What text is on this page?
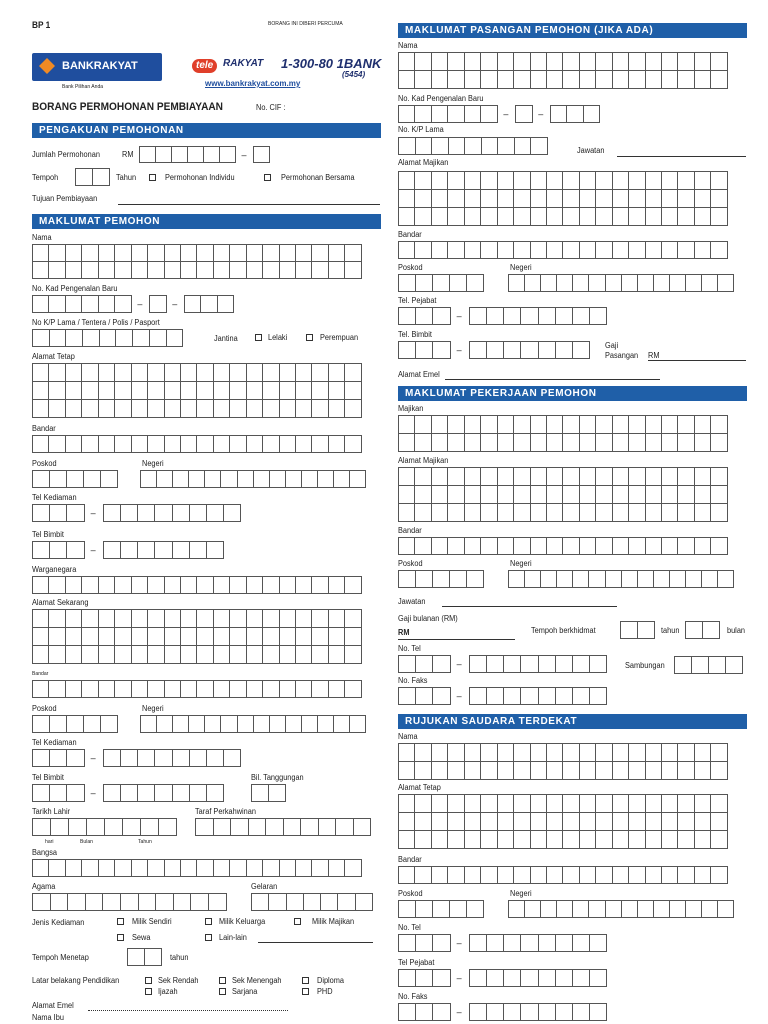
BP 1	BORANG INI DIBERI PERCUMA
BANKRAKYAT
Bank Pilihan Anda
tele RAKYAT 1-300-80 1BANK
(5454)
www.bankrakyat.com.my
BORANG PERMOHONAN PEMBIAYAAN	No. CIF :
PENGAKUAN PEMOHONAN
Jumlah Permohonan	RM	–
Tempoh	Tahun	Permohonan Individu	Permohonan Bersama
Tujuan Pembiayaan
MAKLUMAT PEMOHON
Nama
No. Kad Pengenalan Baru
–	–
No K/P Lama / Tentera / Polis / Pasport
Jantina	Lelaki	Perempuan
Alamat Tetap
Bandar
Poskod	Negeri
Tel Kediaman
–
Tel Bimbit
–
Warganegara
Alamat Sekarang
Bandar
Poskod	Negeri
Tel Kediaman
–
Tel Bimbit
–
Bil. Tanggungan
Tarikh Lahir
hari	Bulan	Tahun
Taraf Perkahwinan
Bangsa
Agama	Gelaran
Jenis Kediaman	Milik Sendiri	Milik Keluarga	Milik Majikan
Sewa	Lain-lain
Tempoh Menetap	tahun
Latar belakang Pendidikan	Sek Rendah	Sek Menengah	Diploma
Ijazah	Sarjana	PHD
Alamat Emel
Nama Ibu
MAKLUMAT PASANGAN PEMOHON (JIKA ADA)
Nama
No. Kad Pengenalan Baru
–	–
No. K/P Lama
Jawatan
Alamat Majikan
Bandar
Poskod	Negeri
Tel. Pejabat
–
Tel. Bimbit
–	Gaji
Pasangan RM
Alamat Emel
MAKLUMAT PEKERJAAN PEMOHON
Majikan
Alamat Majikan
Bandar
Poskod	Negeri
Jawatan
Gaji bulanan (RM)
RM	Tempoh berkhidmat	tahun	bulan
No. Tel
–	Sambungan
No. Faks
–
RUJUKAN SAUDARA TERDEKAT
Nama
Alamat Tetap
Bandar
Poskod	Negeri
No. Tel
–
Tel Pejabat
–
No. Faks
–
